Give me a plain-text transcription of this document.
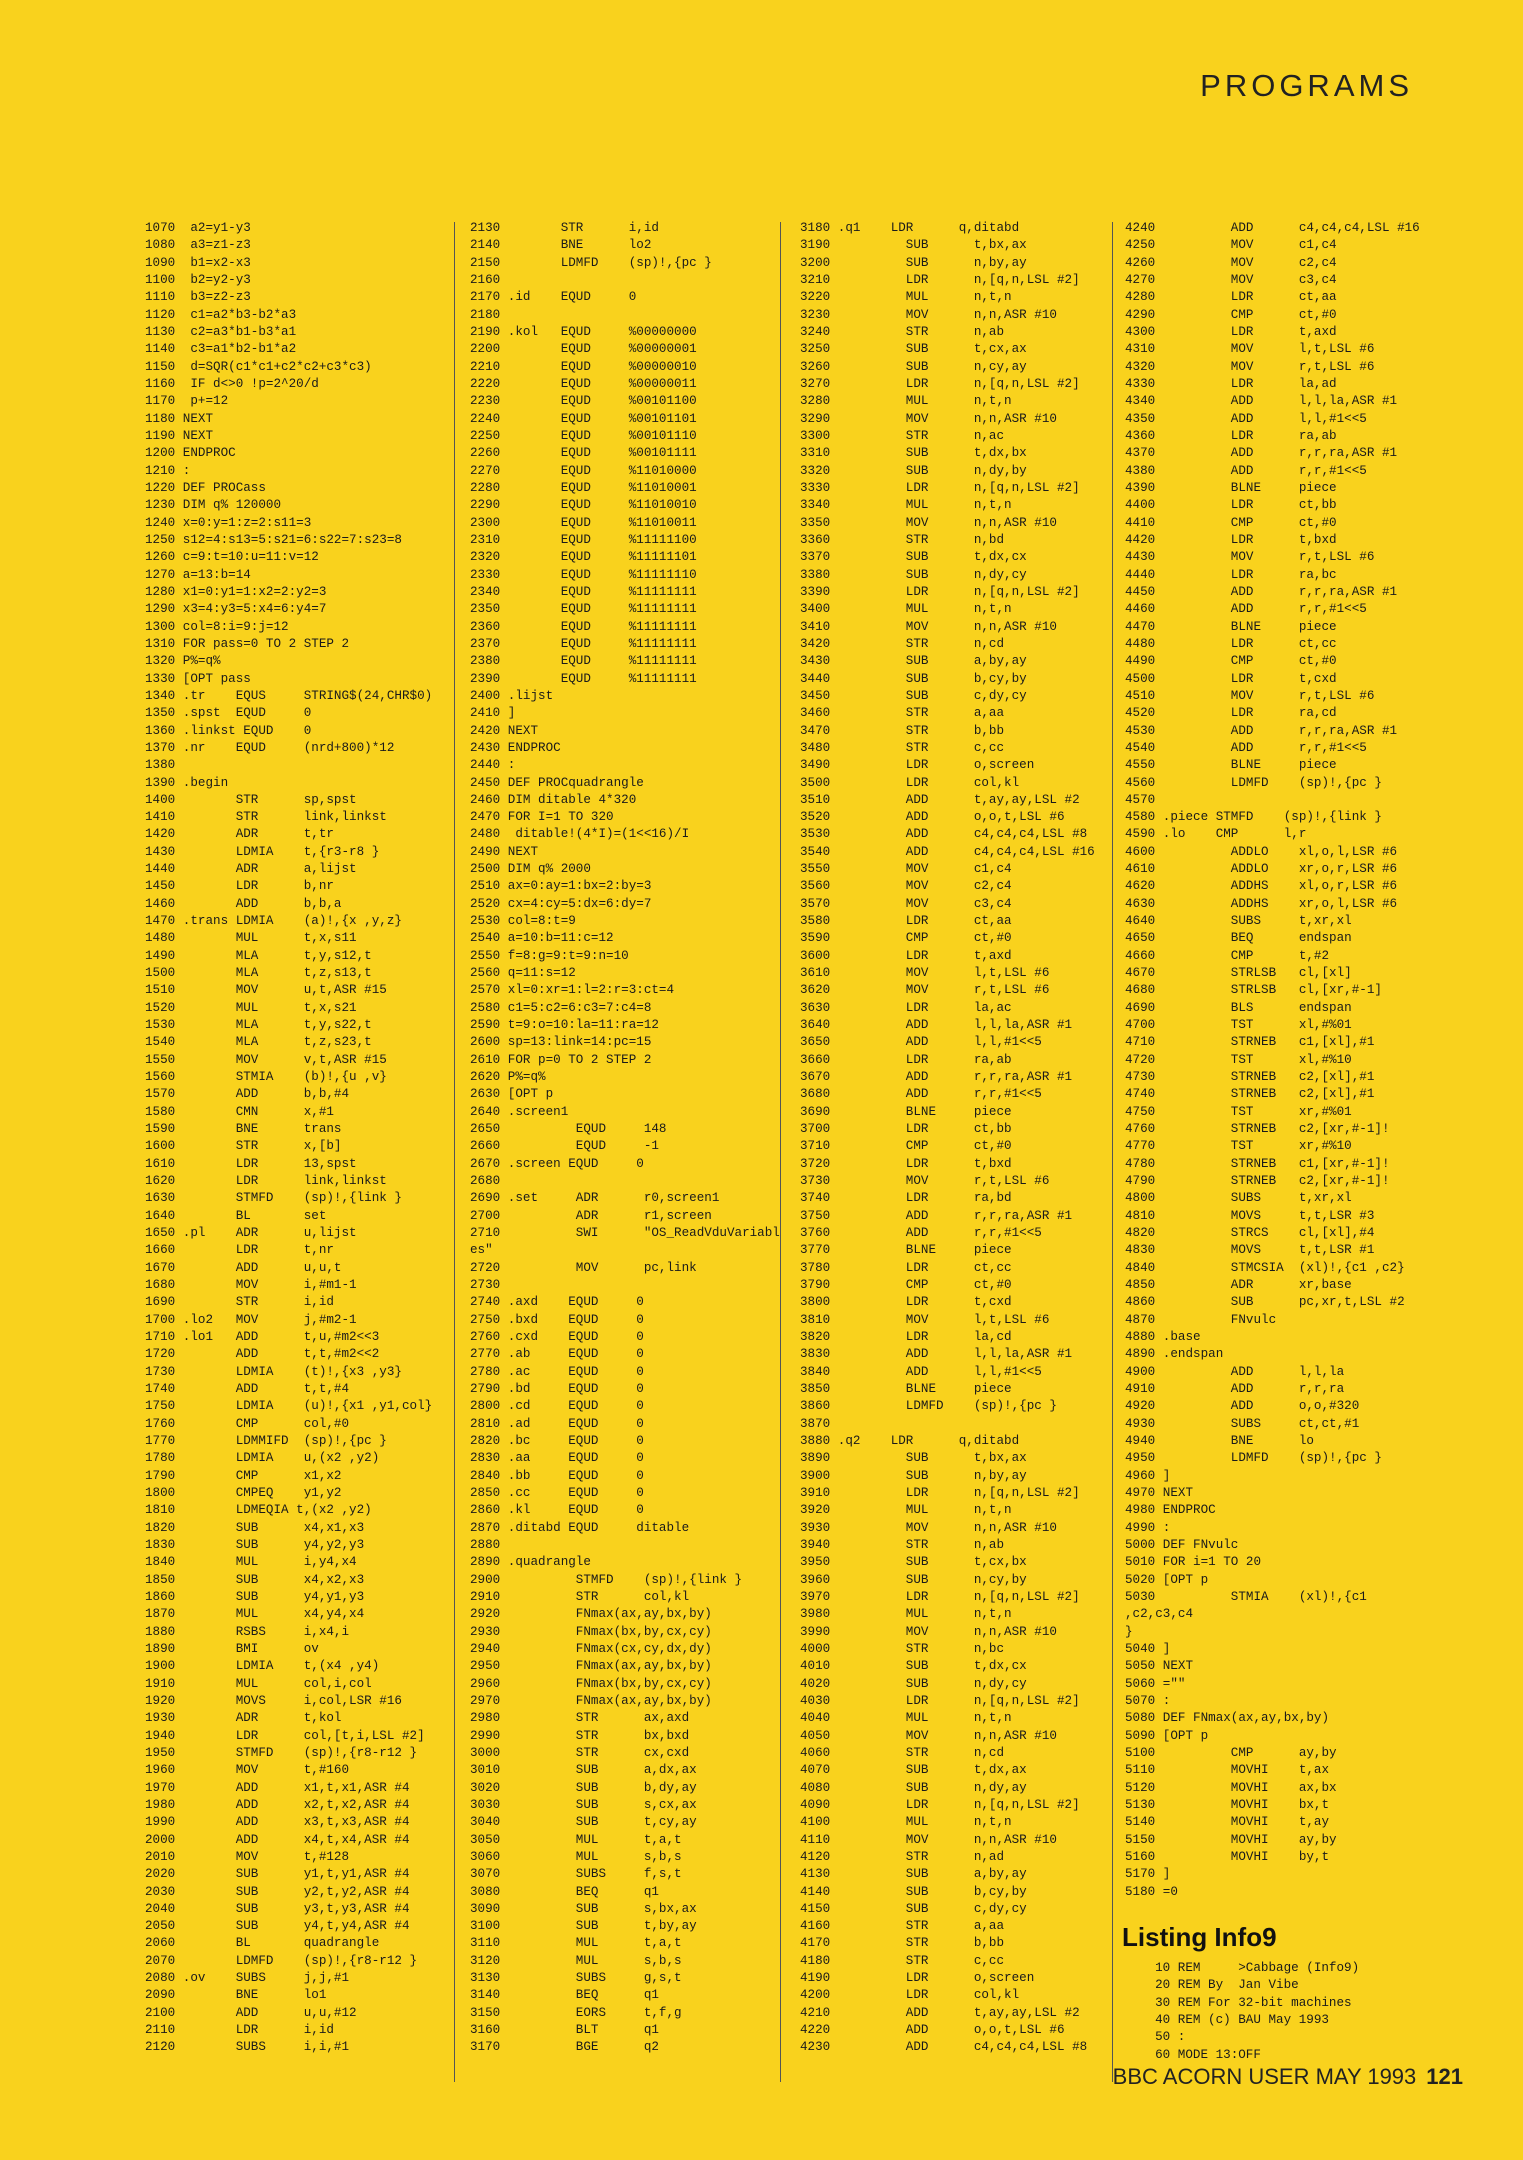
PROGRAMS
1070  a2=y1-y3
1080  a3=z1-z3
1090  b1=x2-x3
1100  b2=y2-y3
1110  b3=z2-z3
1120  c1=a2*b3-b2*a3
1130  c2=a3*b1-b3*a1
1140  c3=a1*b2-b1*a2
1150  d=SQR(c1*c1+c2*c2+c3*c3)
1160  IF d<>0 !p=2^20/d
1170  p+=12
1180 NEXT
1190 NEXT
1200 ENDPROC
1210 :
1220 DEF PROCass
1230 DIM q% 120000
1240 x=0:y=1:z=2:s11=3
1250 s12=4:s13=5:s21=6:s22=7:s23=8
1260 c=9:t=10:u=11:v=12
1270 a=13:b=14
1280 x1=0:y1=1:x2=2:y2=3
1290 x3=4:y3=5:x4=6:y4=7
1300 col=8:i=9:j=12
1310 FOR pass=0 TO 2 STEP 2
1320 P%=q%
1330 [OPT pass
1340 .tr    EQUS     STRING$(24,CHR$0)
1350 .spst  EQUD     0
1360 .linkst EQUD    0
1370 .nr    EQUD     (nrd+800)*12
1380
1390 .begin
1400        STR      sp,spst
1410        STR      link,linkst
1420        ADR      t,tr
1430        LDMIA    t,{r3-r8 }
1440        ADR      a,lijst
1450        LDR      b,nr
1460        ADD      b,b,a
1470 .trans LDMIA    (a)!,{x ,y,z}
1480        MUL      t,x,s11
1490        MLA      t,y,s12,t
1500        MLA      t,z,s13,t
1510        MOV      u,t,ASR #15
1520        MUL      t,x,s21
1530        MLA      t,y,s22,t
1540        MLA      t,z,s23,t
1550        MOV      v,t,ASR #15
1560        STMIA    (b)!,{u ,v}
1570        ADD      b,b,#4
1580        CMN      x,#1
1590        BNE      trans
1600        STR      x,[b]
1610        LDR      13,spst
1620        LDR      link,linkst
1630        STMFD    (sp)!,{link }
1640        BL       set
1650 .pl    ADR      u,lijst
1660        LDR      t,nr
1670        ADD      u,u,t
1680        MOV      i,#m1-1
1690        STR      i,id
1700 .lo2   MOV      j,#m2-1
1710 .lo1   ADD      t,u,#m2<<3
1720        ADD      t,t,#m2<<2
1730        LDMIA    (t)!,{x3 ,y3}
1740        ADD      t,t,#4
1750        LDMIA    (u)!,{x1 ,y1,col}
1760        CMP      col,#0
1770        LDMMIFD  (sp)!,{pc }
1780        LDMIA    u,(x2 ,y2)
1790        CMP      x1,x2
1800        CMPEQ    y1,y2
1810        LDMEQIA t,(x2 ,y2)
1820        SUB      x4,x1,x3
1830        SUB      y4,y2,y3
1840        MUL      i,y4,x4
1850        SUB      x4,x2,x3
1860        SUB      y4,y1,y3
1870        MUL      x4,y4,x4
1880        RSBS     i,x4,i
1890        BMI      ov
1900        LDMIA    t,(x4 ,y4)
1910        MUL      col,i,col
1920        MOVS     i,col,LSR #16
1930        ADR      t,kol
1940        LDR      col,[t,i,LSL #2]
1950        STMFD    (sp)!,{r8-r12 }
1960        MOV      t,#160
1970        ADD      x1,t,x1,ASR #4
1980        ADD      x2,t,x2,ASR #4
1990        ADD      x3,t,x3,ASR #4
2000        ADD      x4,t,x4,ASR #4
2010        MOV      t,#128
2020        SUB      y1,t,y1,ASR #4
2030        SUB      y2,t,y2,ASR #4
2040        SUB      y3,t,y3,ASR #4
2050        SUB      y4,t,y4,ASR #4
2060        BL       quadrangle
2070        LDMFD    (sp)!,{r8-r12 }
2080 .ov    SUBS     j,j,#1
2090        BNE      lo1
2100        ADD      u,u,#12
2110        LDR      i,id
2120        SUBS     i,i,#1
2130        STR      i,id
2140        BNE      lo2
2150        LDMFD    (sp)!,{pc }
2160
2170 .id    EQUD     0
2180
2190 .kol   EQUD     %00000000
2200        EQUD     %00000001
2210        EQUD     %00000010
2220        EQUD     %00000011
2230        EQUD     %00101100
2240        EQUD     %00101101
2250        EQUD     %00101110
2260        EQUD     %00101111
2270        EQUD     %11010000
2280        EQUD     %11010001
2290        EQUD     %11010010
2300        EQUD     %11010011
2310        EQUD     %11111100
2320        EQUD     %11111101
2330        EQUD     %11111110
2340        EQUD     %11111111
2350        EQUD     %11111111
2360        EQUD     %11111111
2370        EQUD     %11111111
2380        EQUD     %11111111
2390        EQUD     %11111111
2400 .lijst
2410 ]
2420 NEXT
2430 ENDPROC
2440 :
2450 DEF PROCquadrangle
2460 DIM ditable 4*320
2470 FOR I=1 TO 320
2480  ditable!(4*I)=(1<<16)/I
2490 NEXT
2500 DIM q% 2000
2510 ax=0:ay=1:bx=2:by=3
2520 cx=4:cy=5:dx=6:dy=7
2530 col=8:t=9
2540 a=10:b=11:c=12
2550 f=8:g=9:t=9:n=10
2560 q=11:s=12
2570 xl=0:xr=1:l=2:r=3:ct=4
2580 c1=5:c2=6:c3=7:c4=8
2590 t=9:o=10:la=11:ra=12
2600 sp=13:link=14:pc=15
2610 FOR p=0 TO 2 STEP 2
2620 P%=q%
2630 [OPT p
2640 .screen1
2650          EQUD     148
2660          EQUD     -1
2670 .screen EQUD     0
2680
2690 .set     ADR      r0,screen1
2700          ADR      r1,screen
2710          SWI      "OS_ReadVduVariabl
es"
2720          MOV      pc,link
2730
2740 .axd    EQUD     0
2750 .bxd    EQUD     0
2760 .cxd    EQUD     0
2770 .ab     EQUD     0
2780 .ac     EQUD     0
2790 .bd     EQUD     0
2800 .cd     EQUD     0
2810 .ad     EQUD     0
2820 .bc     EQUD     0
2830 .aa     EQUD     0
2840 .bb     EQUD     0
2850 .cc     EQUD     0
2860 .kl     EQUD     0
2870 .ditabd EQUD     ditable
2880
2890 .quadrangle
2900          STMFD    (sp)!,{link }
2910          STR      col,kl
2920          FNmax(ax,ay,bx,by)
2930          FNmax(bx,by,cx,cy)
2940          FNmax(cx,cy,dx,dy)
2950          FNmax(ax,ay,bx,by)
2960          FNmax(bx,by,cx,cy)
2970          FNmax(ax,ay,bx,by)
2980          STR      ax,axd
2990          STR      bx,bxd
3000          STR      cx,cxd
3010          SUB      a,dx,ax
3020          SUB      b,dy,ay
3030          SUB      s,cx,ax
3040          SUB      t,cy,ay
3050          MUL      t,a,t
3060          MUL      s,b,s
3070          SUBS     f,s,t
3080          BEQ      q1
3090          SUB      s,bx,ax
3100          SUB      t,by,ay
3110          MUL      t,a,t
3120          MUL      s,b,s
3130          SUBS     g,s,t
3140          BEQ      q1
3150          EORS     t,f,g
3160          BLT      q1
3170          BGE      q2
3180 .q1    LDR      q,ditabd
3190          SUB      t,bx,ax
3200          SUB      n,by,ay
3210          LDR      n,[q,n,LSL #2]
3220          MUL      n,t,n
3230          MOV      n,n,ASR #10
3240          STR      n,ab
3250          SUB      t,cx,ax
3260          SUB      n,cy,ay
3270          LDR      n,[q,n,LSL #2]
3280          MUL      n,t,n
3290          MOV      n,n,ASR #10
3300          STR      n,ac
3310          SUB      t,dx,bx
3320          SUB      n,dy,by
3330          LDR      n,[q,n,LSL #2]
3340          MUL      n,t,n
3350          MOV      n,n,ASR #10
3360          STR      n,bd
3370          SUB      t,dx,cx
3380          SUB      n,dy,cy
3390          LDR      n,[q,n,LSL #2]
3400          MUL      n,t,n
3410          MOV      n,n,ASR #10
3420          STR      n,cd
3430          SUB      a,by,ay
3440          SUB      b,cy,by
3450          SUB      c,dy,cy
3460          STR      a,aa
3470          STR      b,bb
3480          STR      c,cc
3490          LDR      o,screen
3500          LDR      col,kl
3510          ADD      t,ay,ay,LSL #2
3520          ADD      o,o,t,LSL #6
3530          ADD      c4,c4,c4,LSL #8
3540          ADD      c4,c4,c4,LSL #16
3550          MOV      c1,c4
3560          MOV      c2,c4
3570          MOV      c3,c4
3580          LDR      ct,aa
3590          CMP      ct,#0
3600          LDR      t,axd
3610          MOV      l,t,LSL #6
3620          MOV      r,t,LSL #6
3630          LDR      la,ac
3640          ADD      l,l,la,ASR #1
3650          ADD      l,l,#1<<5
3660          LDR      ra,ab
3670          ADD      r,r,ra,ASR #1
3680          ADD      r,r,#1<<5
3690          BLNE     piece
3700          LDR      ct,bb
3710          CMP      ct,#0
3720          LDR      t,bxd
3730          MOV      r,t,LSL #6
3740          LDR      ra,bd
3750          ADD      r,r,ra,ASR #1
3760          ADD      r,r,#1<<5
3770          BLNE     piece
3780          LDR      ct,cc
3790          CMP      ct,#0
3800          LDR      t,cxd
3810          MOV      l,t,LSL #6
3820          LDR      la,cd
3830          ADD      l,l,la,ASR #1
3840          ADD      l,l,#1<<5
3850          BLNE     piece
3860          LDMFD    (sp)!,{pc }
3870
3880 .q2    LDR      q,ditabd
3890          SUB      t,bx,ax
3900          SUB      n,by,ay
3910          LDR      n,[q,n,LSL #2]
3920          MUL      n,t,n
3930          MOV      n,n,ASR #10
3940          STR      n,ab
3950          SUB      t,cx,bx
3960          SUB      n,cy,by
3970          LDR      n,[q,n,LSL #2]
3980          MUL      n,t,n
3990          MOV      n,n,ASR #10
4000          STR      n,bc
4010          SUB      t,dx,cx
4020          SUB      n,dy,cy
4030          LDR      n,[q,n,LSL #2]
4040          MUL      n,t,n
4050          MOV      n,n,ASR #10
4060          STR      n,cd
4070          SUB      t,dx,ax
4080          SUB      n,dy,ay
4090          LDR      n,[q,n,LSL #2]
4100          MUL      n,t,n
4110          MOV      n,n,ASR #10
4120          STR      n,ad
4130          SUB      a,by,ay
4140          SUB      b,cy,by
4150          SUB      c,dy,cy
4160          STR      a,aa
4170          STR      b,bb
4180          STR      c,cc
4190          LDR      o,screen
4200          LDR      col,kl
4210          ADD      t,ay,ay,LSL #2
4220          ADD      o,o,t,LSL #6
4230          ADD      c4,c4,c4,LSL #8
4240          ADD      c4,c4,c4,LSL #16
4250          MOV      c1,c4
4260          MOV      c2,c4
4270          MOV      c3,c4
4280          LDR      ct,aa
4290          CMP      ct,#0
4300          LDR      t,axd
4310          MOV      l,t,LSL #6
4320          MOV      r,t,LSL #6
4330          LDR      la,ad
4340          ADD      l,l,la,ASR #1
4350          ADD      l,l,#1<<5
4360          LDR      ra,ab
4370          ADD      r,r,ra,ASR #1
4380          ADD      r,r,#1<<5
4390          BLNE     piece
4400          LDR      ct,bb
4410          CMP      ct,#0
4420          LDR      t,bxd
4430          MOV      r,t,LSL #6
4440          LDR      ra,bc
4450          ADD      r,r,ra,ASR #1
4460          ADD      r,r,#1<<5
4470          BLNE     piece
4480          LDR      ct,cc
4490          CMP      ct,#0
4500          LDR      t,cxd
4510          MOV      r,t,LSL #6
4520          LDR      ra,cd
4530          ADD      r,r,ra,ASR #1
4540          ADD      r,r,#1<<5
4550          BLNE     piece
4560          LDMFD    (sp)!,{pc }
4570
4580 .piece STMFD    (sp)!,{link }
4590 .lo    CMP      l,r
4600          ADDLO    xl,o,l,LSR #6
4610          ADDLO    xr,o,r,LSR #6
4620          ADDHS    xl,o,r,LSR #6
4630          ADDHS    xr,o,l,LSR #6
4640          SUBS     t,xr,xl
4650          BEQ      endspan
4660          CMP      t,#2
4670          STRLSB   cl,[xl]
4680          STRLSB   cl,[xr,#-1]
4690          BLS      endspan
4700          TST      xl,#%01
4710          STRNEB   c1,[xl],#1
4720          TST      xl,#%10
4730          STRNEB   c2,[xl],#1
4740          STRNEB   c2,[xl],#1
4750          TST      xr,#%01
4760          STRNEB   c2,[xr,#-1]!
4770          TST      xr,#%10
4780          STRNEB   c1,[xr,#-1]!
4790          STRNEB   c2,[xr,#-1]!
4800          SUBS     t,xr,xl
4810          MOVS     t,t,LSR #3
4820          STRCS    cl,[xl],#4
4830          MOVS     t,t,LSR #1
4840          STMCSIA  (xl)!,{c1 ,c2}
4850          ADR      xr,base
4860          SUB      pc,xr,t,LSL #2
4870          FNvulc
4880 .base
4890 .endspan
4900          ADD      l,l,la
4910          ADD      r,r,ra
4920          ADD      o,o,#320
4930          SUBS     ct,ct,#1
4940          BNE      lo
4950          LDMFD    (sp)!,{pc }
4960 ]
4970 NEXT
4980 ENDPROC
4990 :
5000 DEF FNvulc
5010 FOR i=1 TO 20
5020 [OPT p
5030          STMIA    (xl)!,{c1
,c2,c3,c4
}
5040 ]
5050 NEXT
5060 =""
5070 :
5080 DEF FNmax(ax,ay,bx,by)
5090 [OPT p
5100          CMP      ay,by
5110          MOVHI    t,ax
5120          MOVHI    ax,bx
5130          MOVHI    bx,t
5140          MOVHI    t,ay
5150          MOVHI    ay,by
5160          MOVHI    by,t
5170 ]
5180 =0
Listing Info9
10 REM     >Cabbage (Info9)
20 REM By  Jan Vibe
30 REM For 32-bit machines
40 REM (c) BAU May 1993
50 :
60 MODE 13:OFF
BBC ACORN USER MAY 1993 121
